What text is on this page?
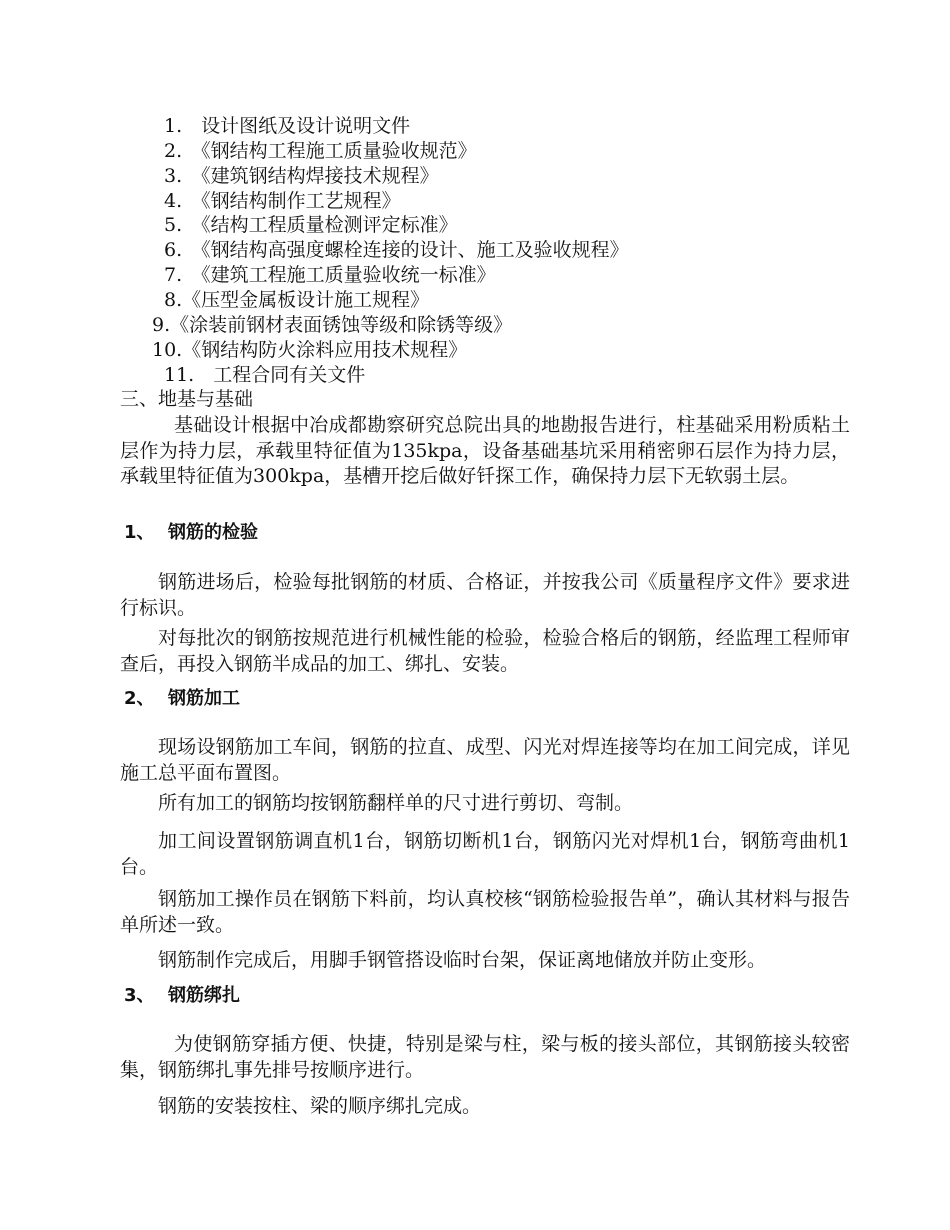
1.　设计图纸及设计说明文件
2.　《钢结构工程施工质量验收规范》
3.　《建筑钢结构焊接技术规程》
4.　《钢结构制作工艺规程》
5.　《结构工程质量检测评定标准》
6.　《钢结构高强度螺栓连接的设计、施工及验收规程》
7.　《建筑工程施工质量验收统一标准》
8.《压型金属板设计施工规程》
9.《涂装前钢材表面锈蚀等级和除锈等级》
10.《钢结构防火涂料应用技术规程》
11.　工程合同有关文件
三、地基与基础
基础设计根据中冶成都勘察研究总院出具的地勘报告进行，柱基础采用粉质粘土层作为持力层，承载里特征值为135kpa，设备基础基坑采用稍密卵石层作为持力层，承载里特征值为300kpa，基槽开挖后做好钎探工作，确保持力层下无软弱土层。
1、 钢筋的检验
钢筋进场后，检验每批钢筋的材质、合格证，并按我公司《质量程序文件》要求进行标识。
对每批次的钢筋按规范进行机械性能的检验，检验合格后的钢筋，经监理工程师审查后，再投入钢筋半成品的加工、绑扎、安装。
2、 钢筋加工
现场设钢筋加工车间，钢筋的拉直、成型、闪光对焊连接等均在加工间完成，详见施工总平面布置图。
所有加工的钢筋均按钢筋翻样单的尺寸进行剪切、弯制。
加工间设置钢筋调直机1台，钢筋切断机1台，钢筋闪光对焊机1台，钢筋弯曲机1台。
钢筋加工操作员在钢筋下料前，均认真校核“钢筋检验报告单”，确认其材料与报告单所述一致。
钢筋制作完成后，用脚手钢管搭设临时台架，保证离地储放并防止变形。
3、 钢筋绑扎
为使钢筋穿插方便、快捷，特别是梁与柱，梁与板的接头部位，其钢筋接头较密集，钢筋绑扎事先排号按顺序进行。
钢筋的安装按柱、梁的顺序绑扎完成。
